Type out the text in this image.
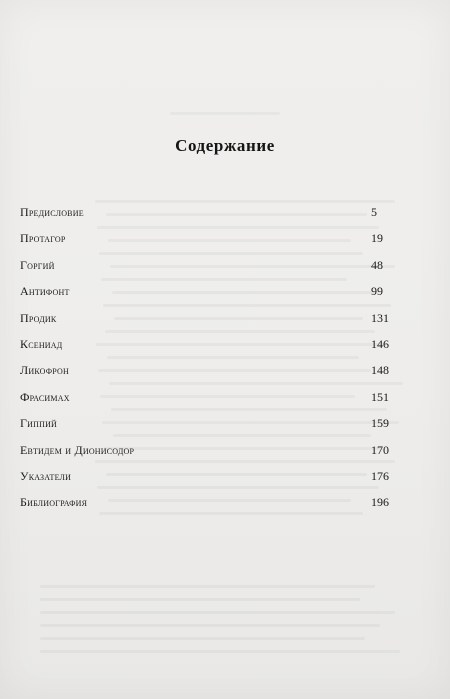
Содержание
Предисловие	5
Протагор	19
Горгий	48
Антифонт	99
Продик	131
Ксениад	146
Ликофрон	148
Фрасимах	151
Гиппий	159
Евтидем и Дионисодор	170
Указатели	176
Библиография	196
